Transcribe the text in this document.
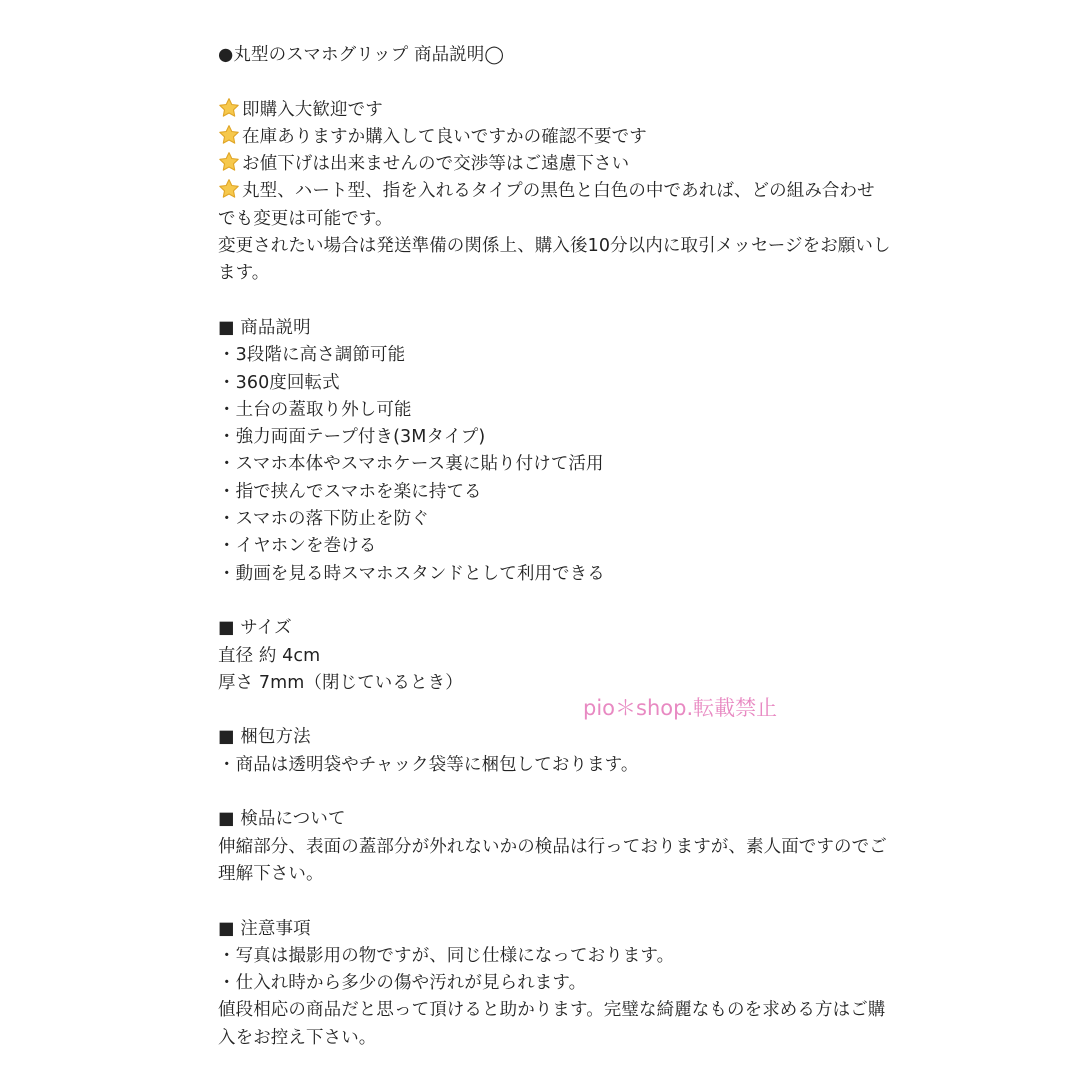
●丸型のスマホグリップ 商品説明◯
即購入大歓迎です
在庫ありますか購入して良いですかの確認不要です
お値下げは出来ませんので交渉等はご遠慮下さい
丸型、ハート型、指を入れるタイプの黒色と白色の中であれば、どの組み合わせ
でも変更は可能です。
変更されたい場合は発送準備の関係上、購入後10分以内に取引メッセージをお願いし
ます。
■ 商品説明
・3段階に高さ調節可能
・360度回転式
・土台の蓋取り外し可能
・強力両面テープ付き(3Mタイプ)
・スマホ本体やスマホケース裏に貼り付けて活用
・指で挟んでスマホを楽に持てる
・スマホの落下防止を防ぐ
・イヤホンを巻ける
・動画を見る時スマホスタンドとして利用できる
■ サイズ
直径 約 4cm
厚さ 7mm（閉じているとき）
■ 梱包方法
・商品は透明袋やチャック袋等に梱包しております。
■ 検品について
伸縮部分、表面の蓋部分が外れないかの検品は行っておりますが、素人面ですのでご
理解下さい。
■ 注意事項
・写真は撮影用の物ですが、同じ仕様になっております。
・仕入れ時から多少の傷や汚れが見られます。
値段相応の商品だと思って頂けると助かります。完璧な綺麗なものを求める方はご購
入をお控え下さい。
pio＊shop.転載禁止
